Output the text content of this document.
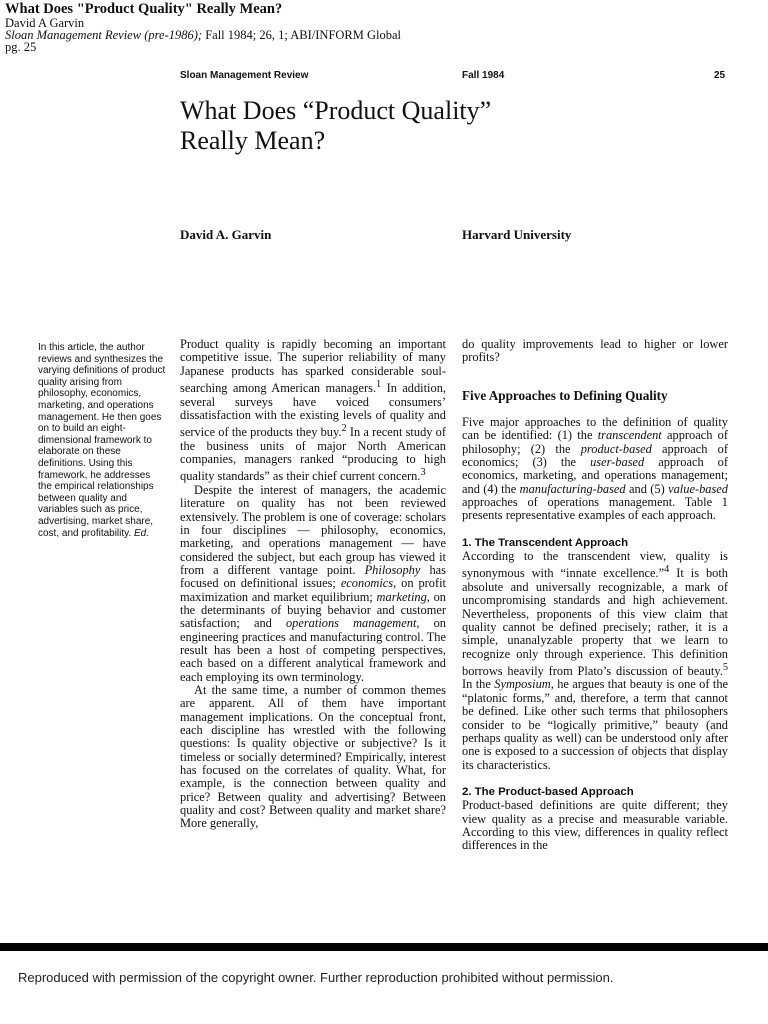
What Does "Product Quality" Really Mean?
David A Garvin
Sloan Management Review (pre-1986); Fall 1984; 26, 1; ABI/INFORM Global
pg. 25
Sloan Management Review	Fall 1984	25
What Does “Product Quality”
Really Mean?
David A. Garvin	Harvard University
In this article, the author reviews and synthesizes the varying definitions of product quality arising from philosophy, economics, marketing, and operations management. He then goes on to build an eight-dimensional framework to elaborate on these definitions. Using this framework, he addresses the empirical relationships between quality and variables such as price, advertising, market share, cost, and profitability. Ed.

Product quality is rapidly becoming an important competitive issue. The superior reliability of many Japanese products has sparked considerable soul-searching among American managers.$^1$ In addition, several surveys have voiced consumers’ dissatisfaction with the existing levels of quality and service of the products they buy.$^2$ In a recent study of the business units of major North American companies, managers ranked “producing to high quality standards” as their chief current concern.$^3$

Despite the interest of managers, the academic literature on quality has not been reviewed extensively. The problem is one of coverage: scholars in four disciplines — philosophy, economics, marketing, and operations management — have considered the subject, but each group has viewed it from a different vantage point. Philosophy has focused on definitional issues; economics, on profit maximization and market equilibrium; marketing, on the determinants of buying behavior and customer satisfaction; and operations management, on engineering practices and manufacturing control. The result has been a host of competing perspectives, each based on a different analytical framework and each employing its own terminology.

At the same time, a number of common themes are apparent. All of them have important management implications. On the conceptual front, each discipline has wrestled with the following questions: Is quality objective or subjective? Is it timeless or socially determined? Empirically, interest has focused on the correlates of quality. What, for example, is the connection between quality and price? Between quality and advertising? Between quality and cost? Between quality and market share? More generally,

do quality improvements lead to higher or lower profits?

Five Approaches to Defining Quality

Five major approaches to the definition of quality can be identified: (1) the transcendent approach of philosophy; (2) the product-based approach of economics; (3) the user-based approach of economics, marketing, and operations management; and (4) the manufacturing-based and (5) value-based approaches of operations management. Table 1 presents representative examples of each approach.

1. The Transcendent Approach

According to the transcendent view, quality is synonymous with “innate excellence.”$^4$ It is both absolute and universally recognizable, a mark of uncompromising standards and high achievement. Nevertheless, proponents of this view claim that quality cannot be defined precisely; rather, it is a simple, unanalyzable property that we learn to recognize only through experience. This definition borrows heavily from Plato’s discussion of beauty.$^5$ In the Symposium, he argues that beauty is one of the “platonic forms,” and, therefore, a term that cannot be defined. Like other such terms that philosophers consider to be “logically primitive,” beauty (and perhaps quality as well) can be understood only after one is exposed to a succession of objects that display its characteristics.

2. The Product-based Approach

Product-based definitions are quite different; they view quality as a precise and measurable variable. According to this view, differences in quality reflect differences in the

Reproduced with permission of the copyright owner. Further reproduction prohibited without permission.
